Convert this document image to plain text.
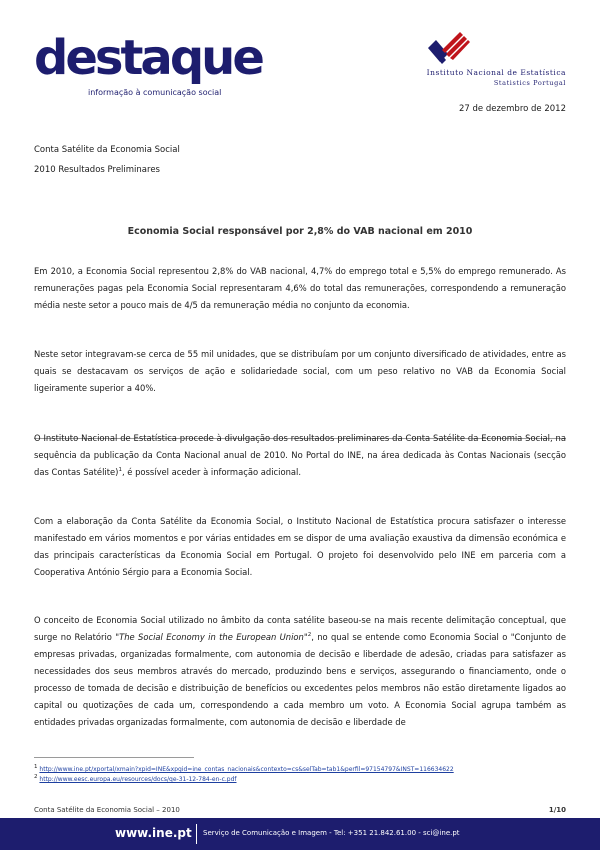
destaque
informação à comunicação social
Instituto Nacional de Estatística
Statistics Portugal
27 de dezembro de 2012
Conta Satélite da Economia Social
2010 Resultados Preliminares
Economia Social responsável por 2,8% do VAB nacional em 2010

Em 2010, a Economia Social representou 2,8% do VAB nacional, 4,7% do emprego total e 5,5% do emprego remunerado. As remunerações pagas pela Economia Social representaram 4,6% do total das remunerações, correspondendo a remuneração média neste setor a pouco mais de 4/5 da remuneração média no conjunto da economia.

Neste setor integravam-se cerca de 55 mil unidades, que se distribuíam por um conjunto diversificado de atividades, entre as quais se destacavam os serviços de ação e solidariedade social, com um peso relativo no VAB da Economia Social ligeiramente superior a 40%.

O Instituto Nacional de Estatística procede à divulgação dos resultados preliminares da Conta Satélite da Economia Social, na sequência da publicação da Conta Nacional anual de 2010. No Portal do INE, na área dedicada às Contas Nacionais (secção das Contas Satélite)$^1$, é possível aceder à informação adicional.

Com a elaboração da Conta Satélite da Economia Social, o Instituto Nacional de Estatística procura satisfazer o interesse manifestado em vários momentos e por várias entidades em se dispor de uma avaliação exaustiva da dimensão económica e das principais características da Economia Social em Portugal. O projeto foi desenvolvido pelo INE em parceria com a Cooperativa António Sérgio para a Economia Social.

O conceito de Economia Social utilizado no âmbito da conta satélite baseou-se na mais recente delimitação conceptual, que surge no Relatório "The Social Economy in the European Union"$^2$, no qual se entende como Economia Social o "Conjunto de empresas privadas, organizadas formalmente, com autonomia de decisão e liberdade de adesão, criadas para satisfazer as necessidades dos seus membros através do mercado, produzindo bens e serviços, assegurando o financiamento, onde o processo de tomada de decisão e distribuição de benefícios ou excedentes pelos membros não estão diretamente ligados ao capital ou quotizações de cada um, correspondendo a cada membro um voto. A Economia Social agrupa também as entidades privadas organizadas formalmente, com autonomia de decisão e liberdade de

$^1$ http://www.ine.pt/xportal/xmain?xpid=INE&xpgid=ine_contas_nacionais&contexto=cs&selTab=tab1&perfil=97154797&INST=116634622
$^2$ http://www.eesc.europa.eu/resources/docs/qe-31-12-784-en-c.pdf
Conta Satélite da Economia Social – 2010	1/10
www.ine.pt Serviço de Comunicação e Imagem - Tel: +351 21.842.61.00 - sci@ine.pt
